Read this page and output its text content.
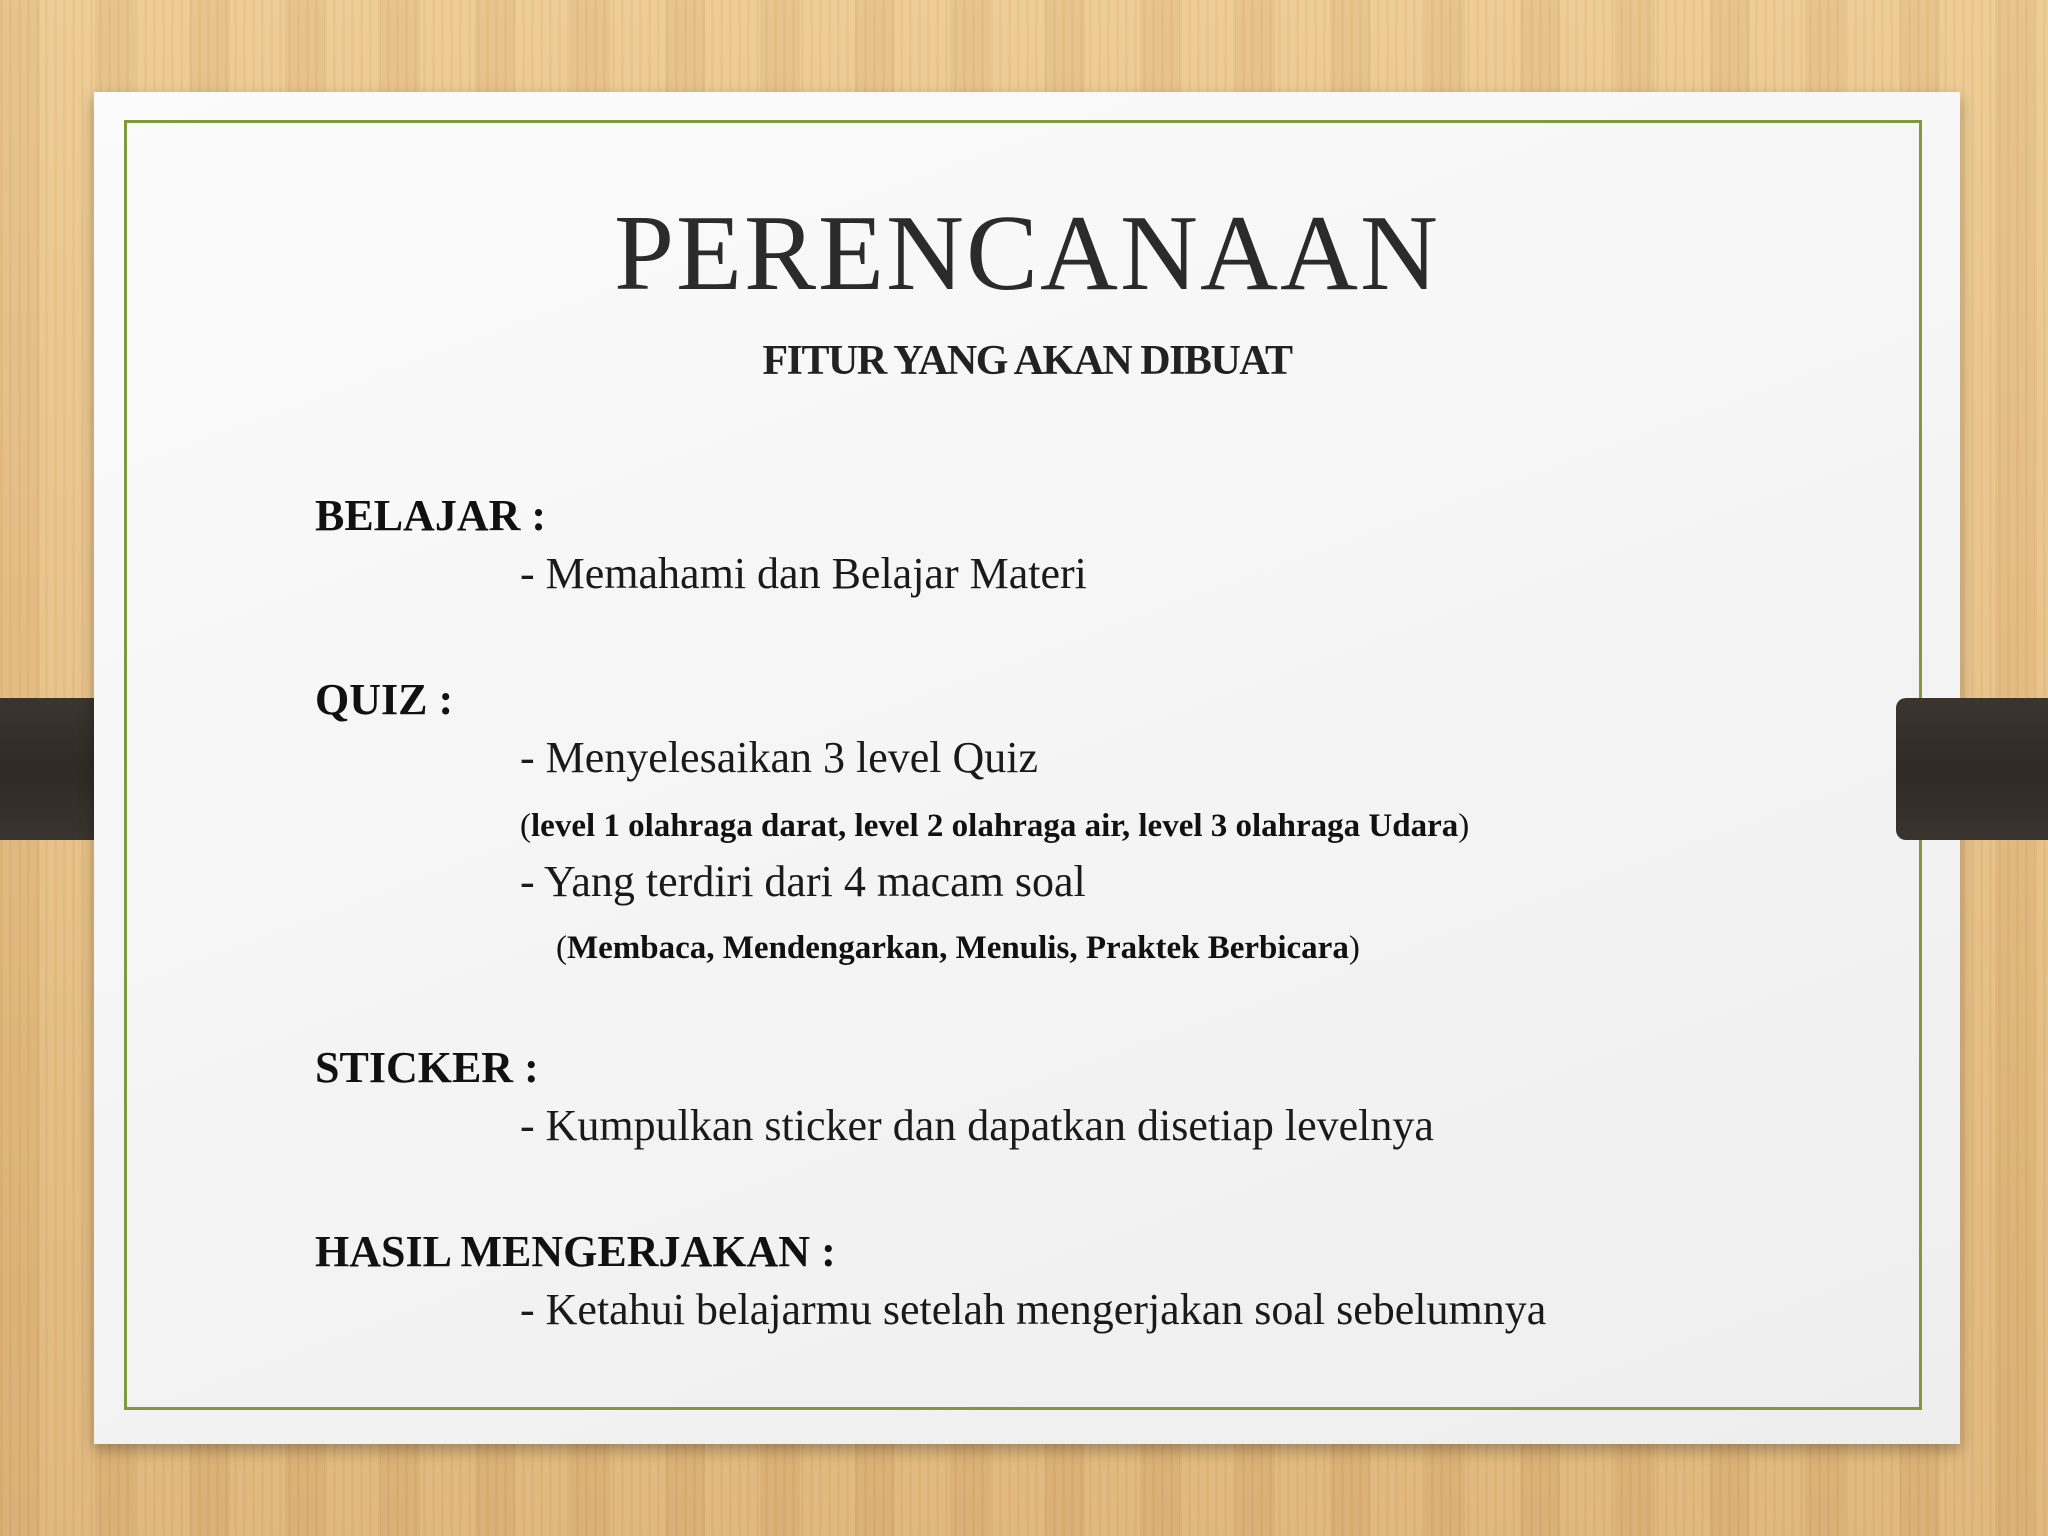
PERENCANAAN
FITUR YANG AKAN DIBUAT
BELAJAR :
- Memahami dan Belajar Materi
QUIZ :
- Menyelesaikan 3 level Quiz
(level 1 olahraga darat, level 2 olahraga air, level 3 olahraga Udara)
- Yang terdiri dari 4 macam soal
(Membaca, Mendengarkan, Menulis, Praktek Berbicara)
STICKER :
- Kumpulkan sticker dan dapatkan disetiap levelnya
HASIL MENGERJAKAN :
- Ketahui belajarmu setelah mengerjakan soal sebelumnya
